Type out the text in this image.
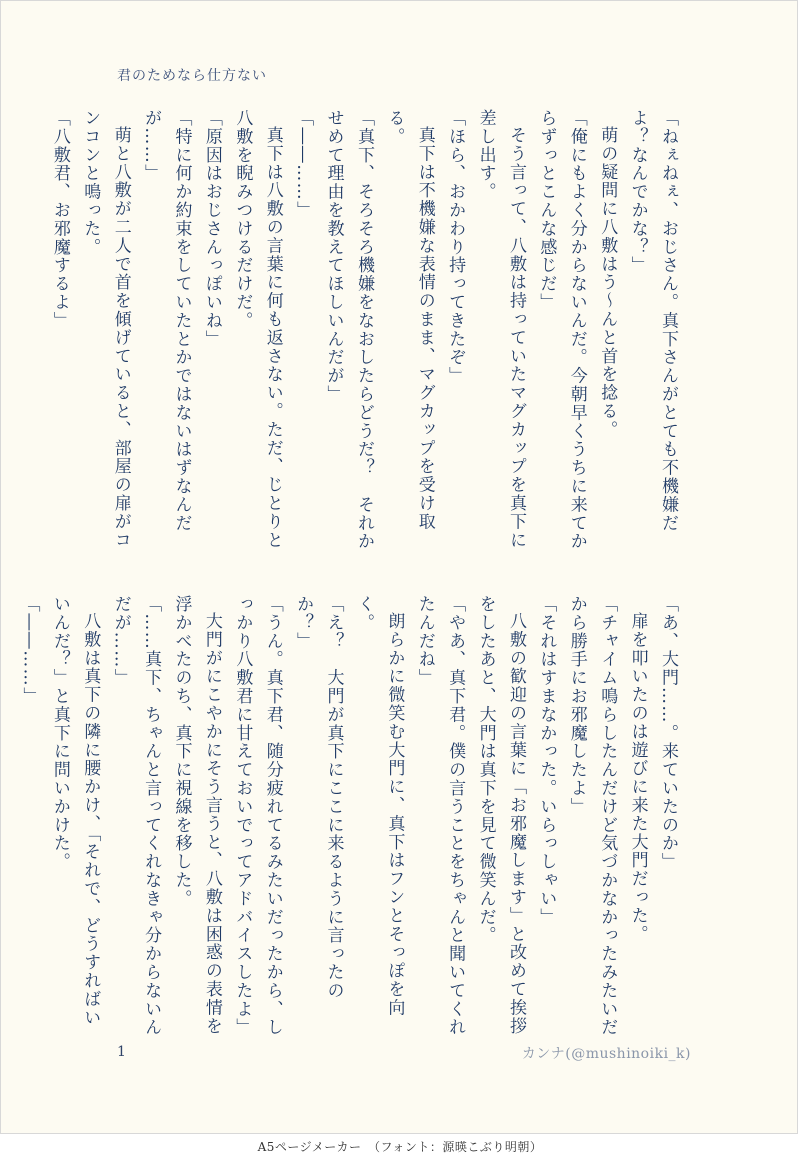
君のためなら仕方ない

「ねぇねぇ、おじさん。真下さんがとても不機嫌だよ？なんでかな？」

萌の疑問に八敷はう〜んと首を捻る。

「俺にもよく分からないんだ。今朝早くうちに来てからずっとこんな感じだ」

そう言って、八敷は持っていたマグカップを真下に差し出す。

「ほら、おかわり持ってきたぞ」

真下は不機嫌な表情のまま、マグカップを受け取る。

「真下、そろそろ機嫌をなおしたらどうだ？　それかせめて理由を教えてほしいんだが」

「――……」

真下は八敷の言葉に何も返さない。ただ、じとりと八敷を睨みつけるだけだ。

「原因はおじさんっぽいね」

「特に何か約束をしていたとかではないはずなんだが……」

萌と八敷が二人で首を傾げていると、部屋の扉がコンコンと鳴った。

「八敷君、お邪魔するよ」

「あ、大門……。来ていたのか」

扉を叩いたのは遊びに来た大門だった。

「チャイム鳴らしたんだけど気づかなかったみたいだから勝手にお邪魔したよ」

「それはすまなかった。いらっしゃい」

八敷の歓迎の言葉に「お邪魔します」と改めて挨拶をしたあと、大門は真下を見て微笑んだ。

「やあ、真下君。僕の言うことをちゃんと聞いてくれたんだね」

朗らかに微笑む大門に、真下はフンとそっぽを向く。

「え？　大門が真下にここに来るように言ったのか？」

「うん。真下君、随分疲れてるみたいだったから、しっかり八敷君に甘えておいでってアドバイスしたよ」

大門がにこやかにそう言うと、八敷は困惑の表情を浮かべたのち、真下に視線を移した。

「……真下、ちゃんと言ってくれなきゃ分からないんだが……」

八敷は真下の隣に腰かけ、「それで、どうすればいいんだ？」と真下に問いかけた。

「――……」

1	カンナ(@mushinoiki_k)
A5ページメーカー　（フォント：源暎こぶり明朝）
